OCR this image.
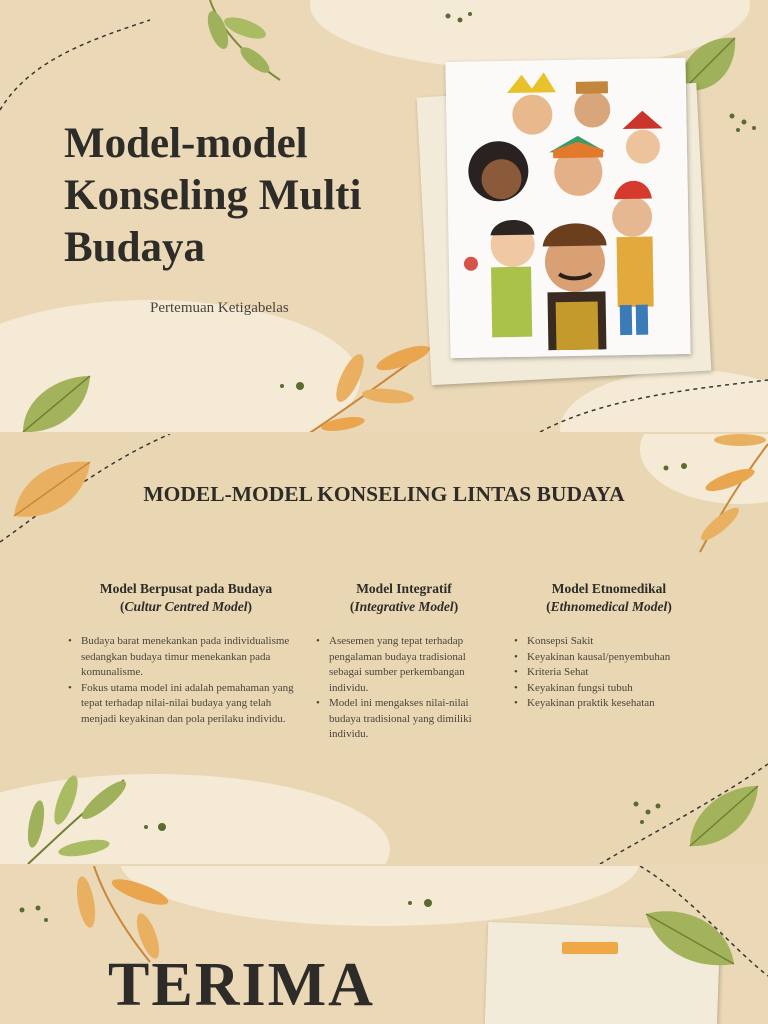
Model-model Konseling Multi Budaya

Pertemuan Ketigabelas

MODEL-MODEL KONSELING LINTAS BUDAYA

Model Berpusat pada Budaya
(Cultur Centred Model)

• Budaya barat menekankan pada individualisme sedangkan budaya timur menekankan pada komunalisme.
• Fokus utama model ini adalah pemahaman yang tepat terhadap nilai-nilai budaya yang telah menjadi keyakinan dan pola perilaku individu.

Model Integratif
(Integrative Model)

• Asesemen yang tepat terhadap pengalaman budaya tradisional sebagai sumber perkembangan individu.
• Model ini mengakses nilai-nilai budaya tradisional yang dimiliki individu.

Model Etnomedikal
(Ethnomedical Model)

• Konsepsi Sakit
• Keyakinan kausal/penyembuhan
• Kriteria Sehat
• Keyakinan fungsi tubuh
• Keyakinan praktik kesehatan
TERIMA
